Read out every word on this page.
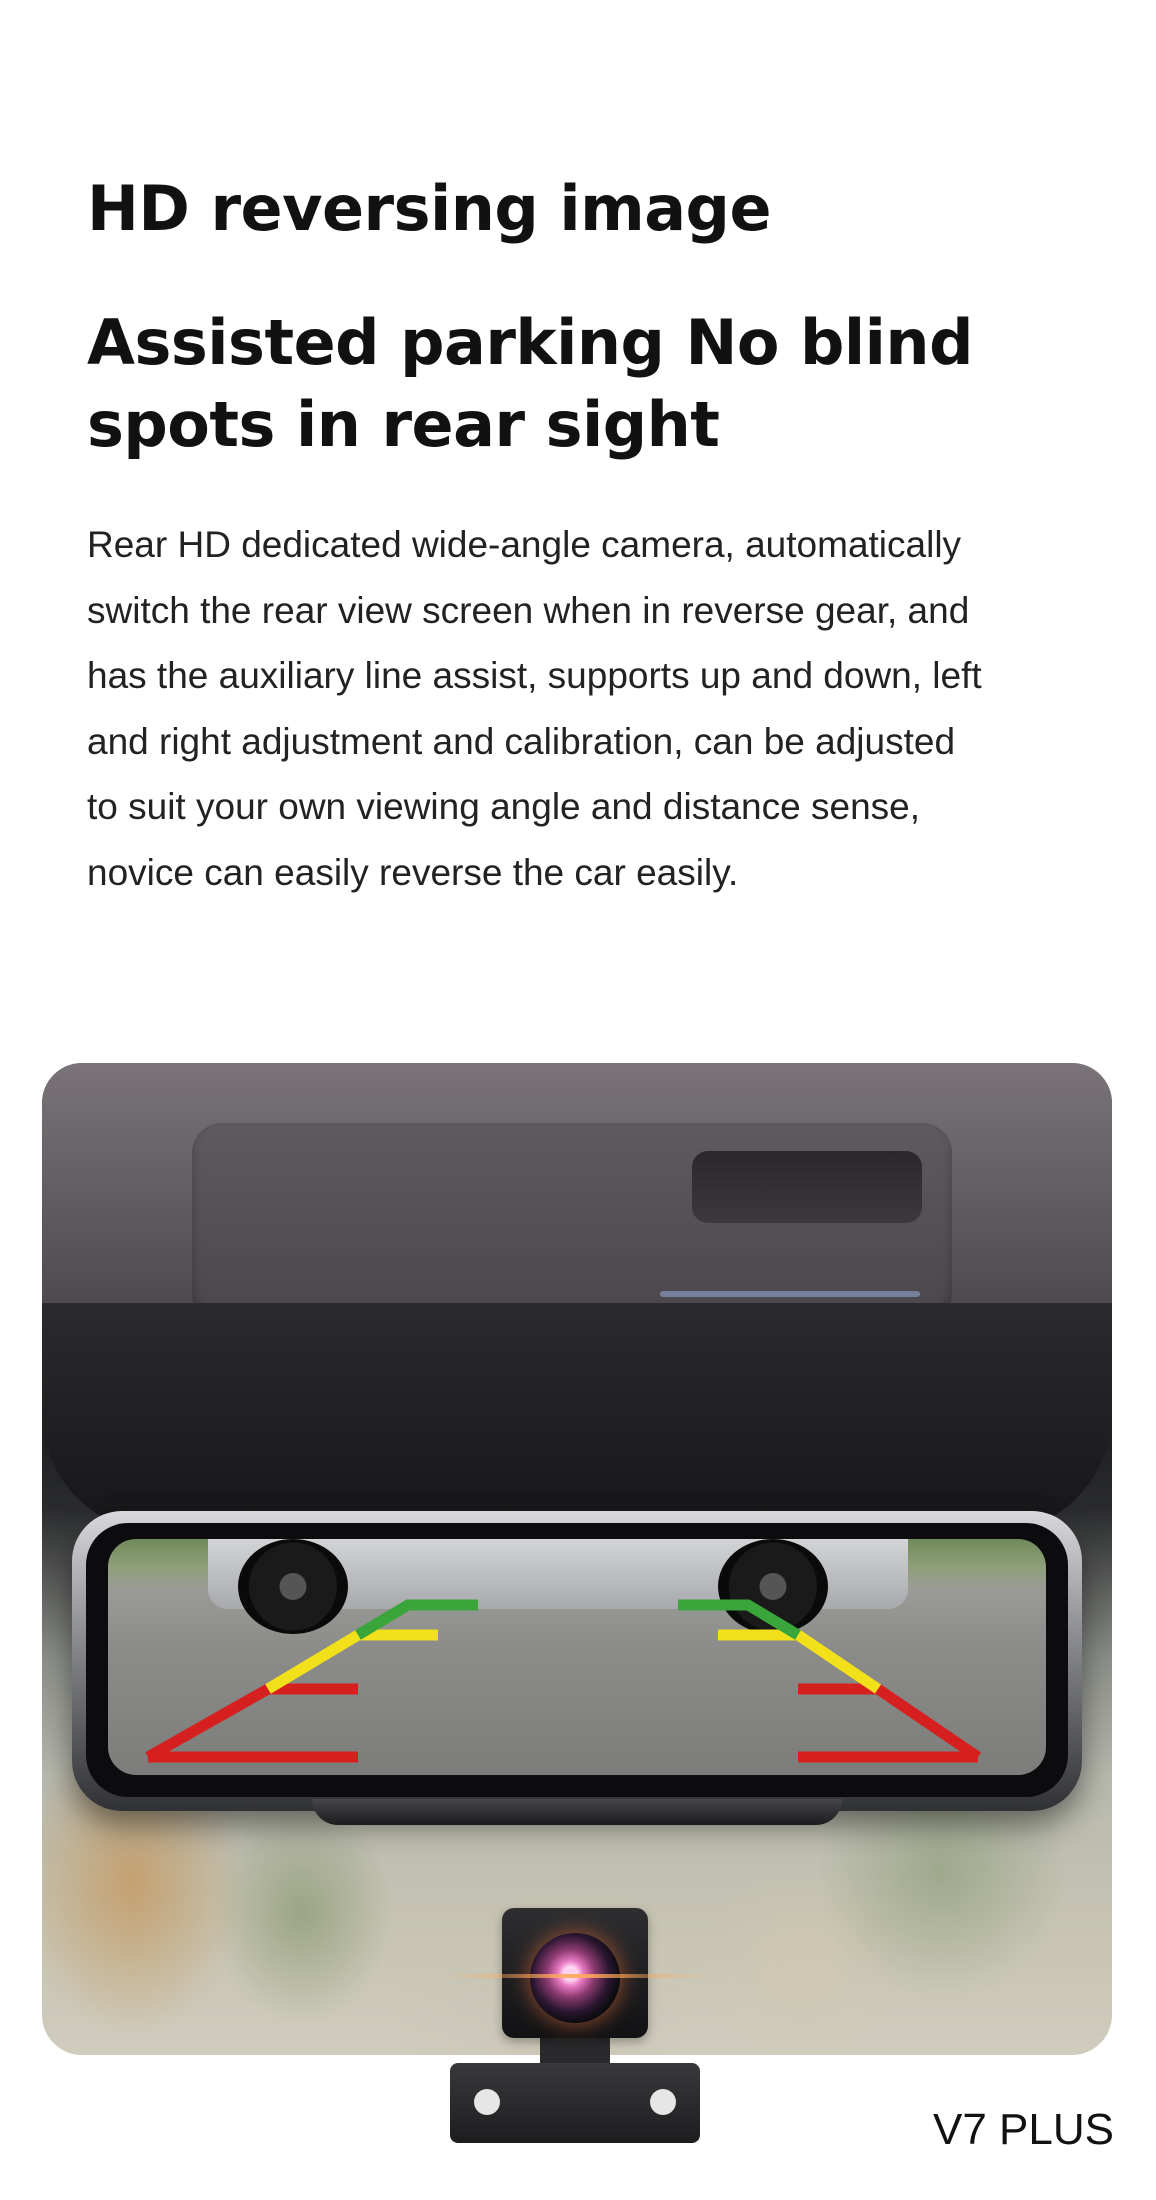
HD reversing image
Assisted parking No blind
spots in rear sight

Rear HD dedicated wide-angle camera, automatically
switch the rear view screen when in reverse gear, and
has the auxiliary line assist, supports up and down, left
and right adjustment and calibration, can be adjusted
to suit your own viewing angle and distance sense,
novice can easily reverse the car easily.

V7 PLUS
